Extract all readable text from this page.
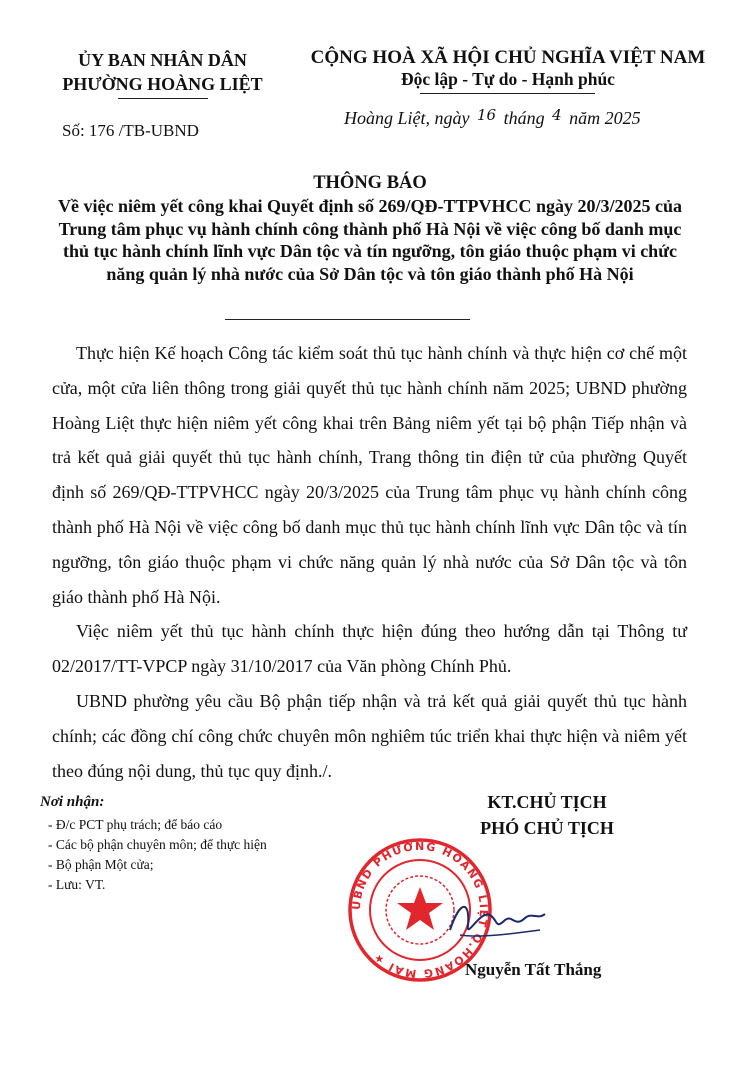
ỦY BAN NHÂN DÂN
PHƯỜNG HOÀNG LIỆT
Số: 176 /TB-UBND
CỘNG HOÀ XÃ HỘI CHỦ NGHĨA VIỆT NAM
Độc lập - Tự do - Hạnh phúc
Hoàng Liệt, ngày $^{16}$ tháng $^4$ năm 2025
THÔNG BÁO
Về việc niêm yết công khai Quyết định số 269/QĐ-TTPVHCC ngày 20/3/2025 của Trung tâm phục vụ hành chính công thành phố Hà Nội về việc công bố danh mục thủ tục hành chính lĩnh vực Dân tộc và tín ngưỡng, tôn giáo thuộc phạm vi chức năng quản lý nhà nước của Sở Dân tộc và tôn giáo thành phố Hà Nội

Thực hiện Kế hoạch Công tác kiểm soát thủ tục hành chính và thực hiện cơ chế một cửa, một cửa liên thông trong giải quyết thủ tục hành chính năm 2025; UBND phường Hoàng Liệt thực hiện niêm yết công khai trên Bảng niêm yết tại bộ phận Tiếp nhận và trả kết quả giải quyết thủ tục hành chính, Trang thông tin điện tử của phường Quyết định số 269/QĐ-TTPVHCC ngày 20/3/2025 của Trung tâm phục vụ hành chính công thành phố Hà Nội về việc công bố danh mục thủ tục hành chính lĩnh vực Dân tộc và tín ngưỡng, tôn giáo thuộc phạm vi chức năng quản lý nhà nước của Sở Dân tộc và tôn giáo thành phố Hà Nội.

Việc niêm yết thủ tục hành chính thực hiện đúng theo hướng dẫn tại Thông tư 02/2017/TT-VPCP ngày 31/10/2017 của Văn phòng Chính Phủ.

UBND phường yêu cầu Bộ phận tiếp nhận và trả kết quả giải quyết thủ tục hành chính; các đồng chí công chức chuyên môn nghiêm túc triển khai thực hiện và niêm yết theo đúng nội dung, thủ tục quy định./.

Nơi nhận:
- Đ/c PCT phụ trách; để báo cáo
- Các bộ phận chuyên môn; để thực hiện
- Bộ phận Một cửa;
- Lưu: VT.
KT.CHỦ TỊCH
PHÓ CHỦ TỊCH
UBND PHƯỜNG HOÀNG LIỆT Q.HOÀNG MAI ★
Nguyễn Tất Thắng
